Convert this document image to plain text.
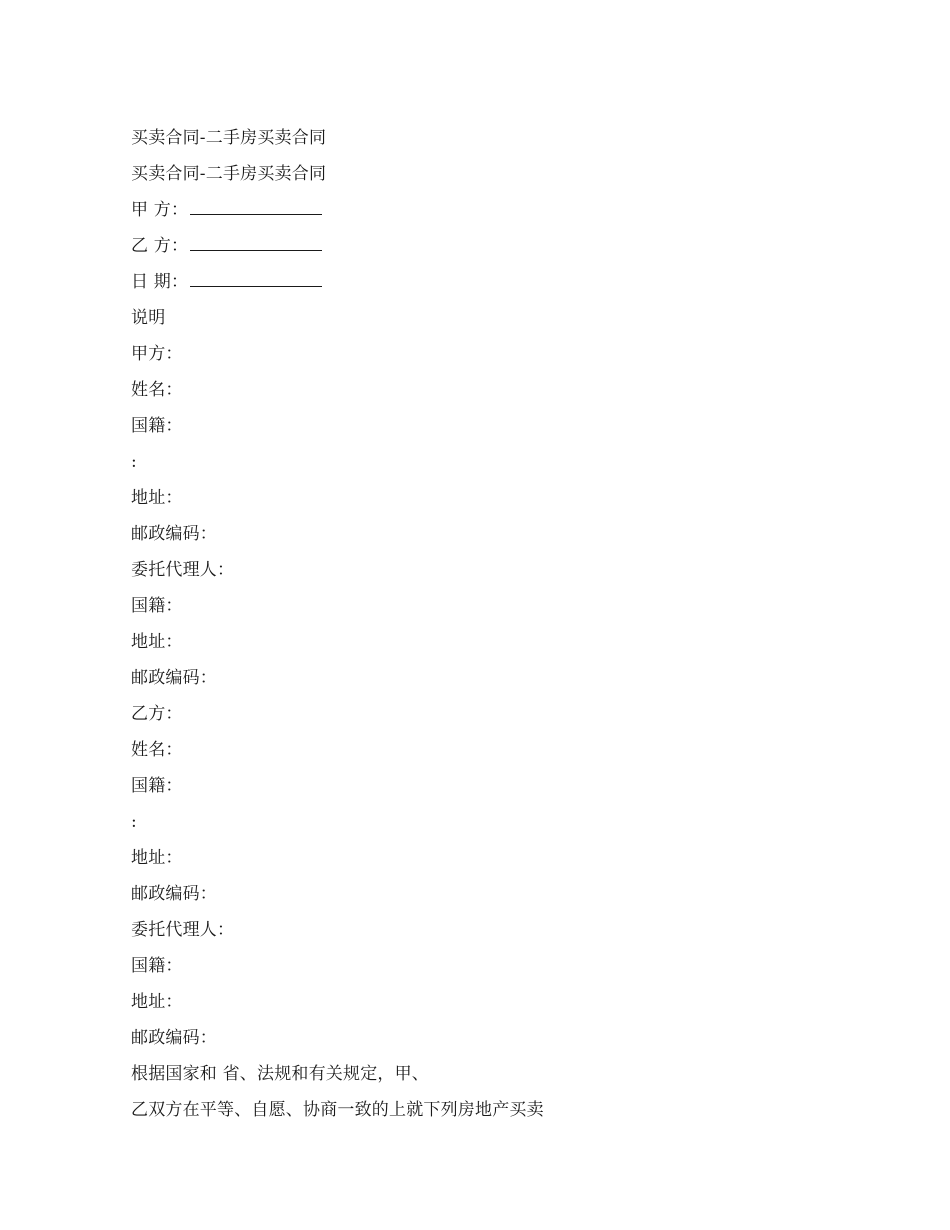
买卖合同-二手房买卖合同
买卖合同-二手房买卖合同
甲 方：
乙 方：
日 期：
说明
甲方：
姓名：
国籍：
:
地址：
邮政编码：
委托代理人：
国籍：
地址：
邮政编码：
乙方：
姓名：
国籍：
:
地址：
邮政编码：
委托代理人：
国籍：
地址：
邮政编码：
根据国家和 省、法规和有关规定，甲、
乙双方在平等、自愿、协商一致的上就下列房地产买卖
